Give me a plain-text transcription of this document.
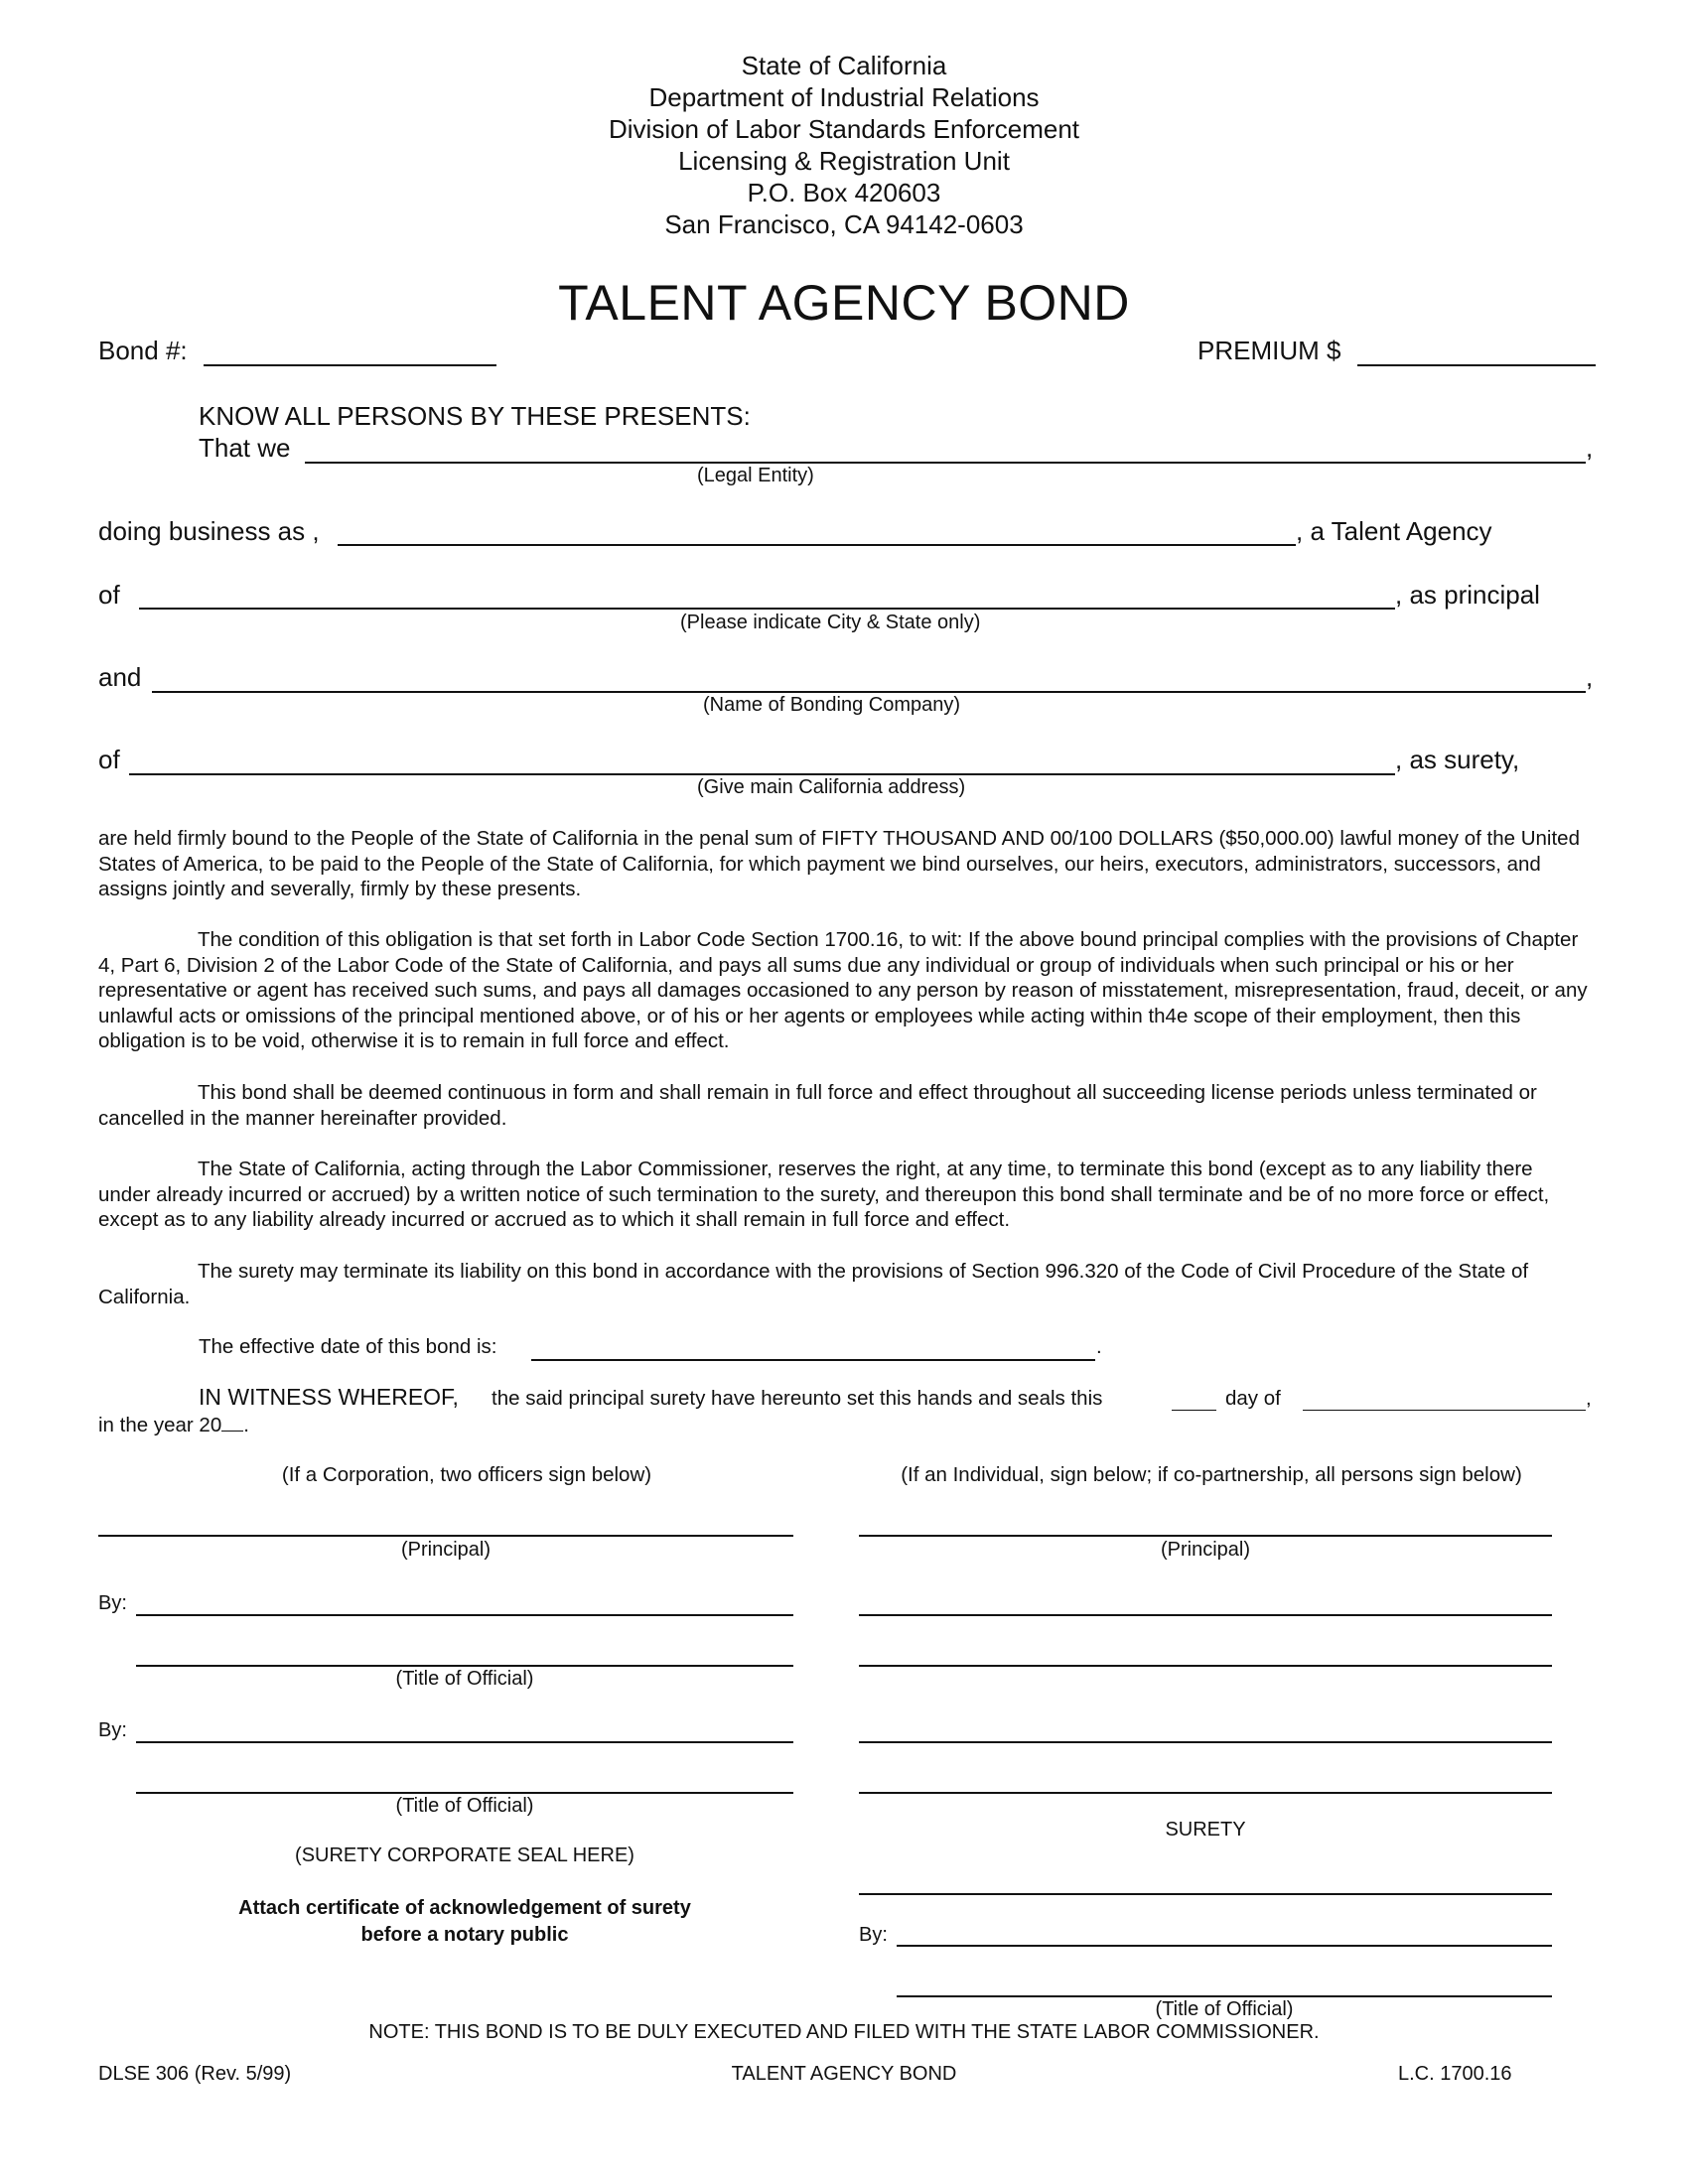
State of California
Department of Industrial Relations
Division of Labor Standards Enforcement
Licensing & Registration Unit
P.O. Box 420603
San Francisco, CA 94142-0603
TALENT AGENCY BOND
Bond #:	PREMIUM $
KNOW ALL PERSONS BY THESE PRESENTS:
That we	,
(Legal Entity)
doing business as ,	, a Talent Agency
of	, as principal
(Please indicate City & State only)
and	,
(Name of Bonding Company)
of	, as surety,
(Give main California address)
are held firmly bound to the People of the State of California in the penal sum of FIFTY THOUSAND AND 00/100 DOLLARS ($50,000.00) lawful money of the United States of America, to be paid to the People of the State of California, for which payment we bind ourselves, our heirs, executors, administrators, successors, and assigns jointly and severally, firmly by these presents.
The condition of this obligation is that set forth in Labor Code Section 1700.16, to wit: If the above bound principal complies with the provisions of Chapter 4, Part 6, Division 2 of the Labor Code of the State of California, and pays all sums due any individual or group of individuals when such principal or his or her representative or agent has received such sums, and pays all damages occasioned to any person by reason of misstatement, misrepresentation, fraud, deceit, or any unlawful acts or omissions of the principal mentioned above, or of his or her agents or employees while acting within th4e scope of their employment, then this obligation is to be void, otherwise it is to remain in full force and effect.
This bond shall be deemed continuous in form and shall remain in full force and effect throughout all succeeding license periods unless terminated or cancelled in the manner hereinafter provided.
The State of California, acting through the Labor Commissioner, reserves the right, at any time, to terminate this bond (except as to any liability there under already incurred or accrued) by a written notice of such termination to the surety, and thereupon this bond shall terminate and be of no more force or effect, except as to any liability already incurred or accrued as to which it shall remain in full force and effect.
The surety may terminate its liability on this bond in accordance with the provisions of Section 996.320 of the Code of Civil Procedure of the State of California.
The effective date of this bond is:	.
IN WITNESS WHEREOF, the said principal surety have hereunto set this hands and seals this	day of	,
in the year 20 .
(If a Corporation, two officers sign below)	(If an Individual, sign below; if co-partnership, all persons sign below)
(Principal)
By:
(Title of Official)
By:
(Title of Official)
(SURETY CORPORATE SEAL HERE)
Attach certificate of acknowledgement of surety
before a notary public
(Principal)
SURETY
By:
(Title of Official)
NOTE: THIS BOND IS TO BE DULY EXECUTED AND FILED WITH THE STATE LABOR COMMISSIONER.
DLSE 306 (Rev. 5/99)	TALENT AGENCY BOND	L.C. 1700.16
